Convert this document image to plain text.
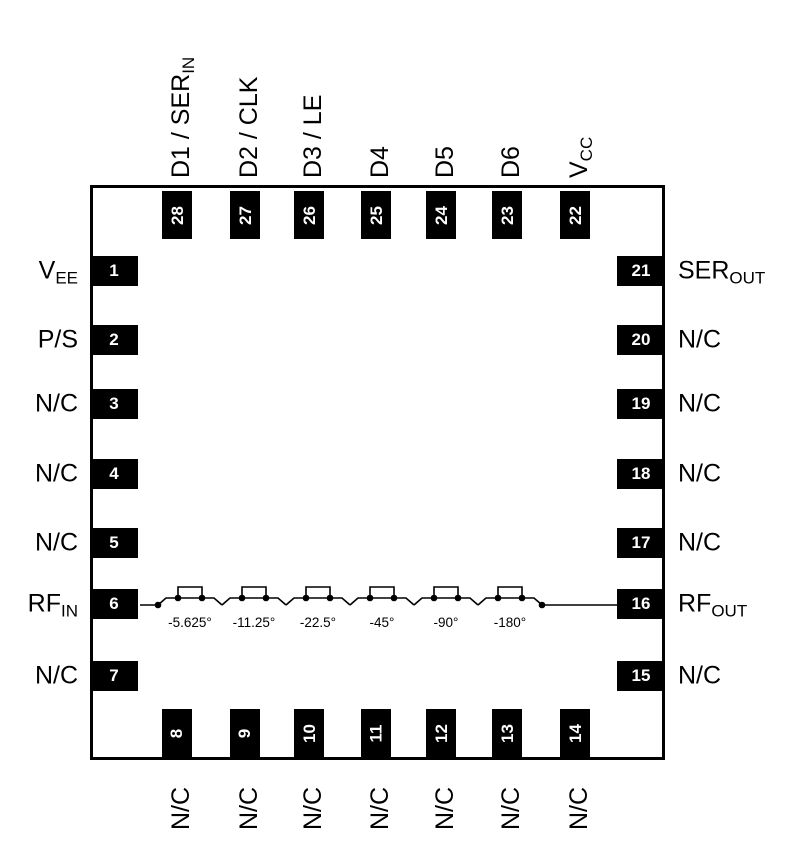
1
$V_{EE}$
2
P/S
3
N/C
4
N/C
5
N/C
6
$RF_{IN}$
7
N/C
21 $SER_{OUT}$
20 N/C
19 N/C
18 N/C
17 N/C
16 $RF_{OUT}$
15 N/C
28
$D1 / SER_{IN}$
27
D2 / CLK
26
D3 / LE
25
D4
24
D5
23
D6
22
$V_{CC}$
8
N/C
9
N/C
10
N/C
11
N/C
12
N/C
13
N/C
14
N/C
-5.625° -11.25° -22.5° -45°	-90°	-180°
